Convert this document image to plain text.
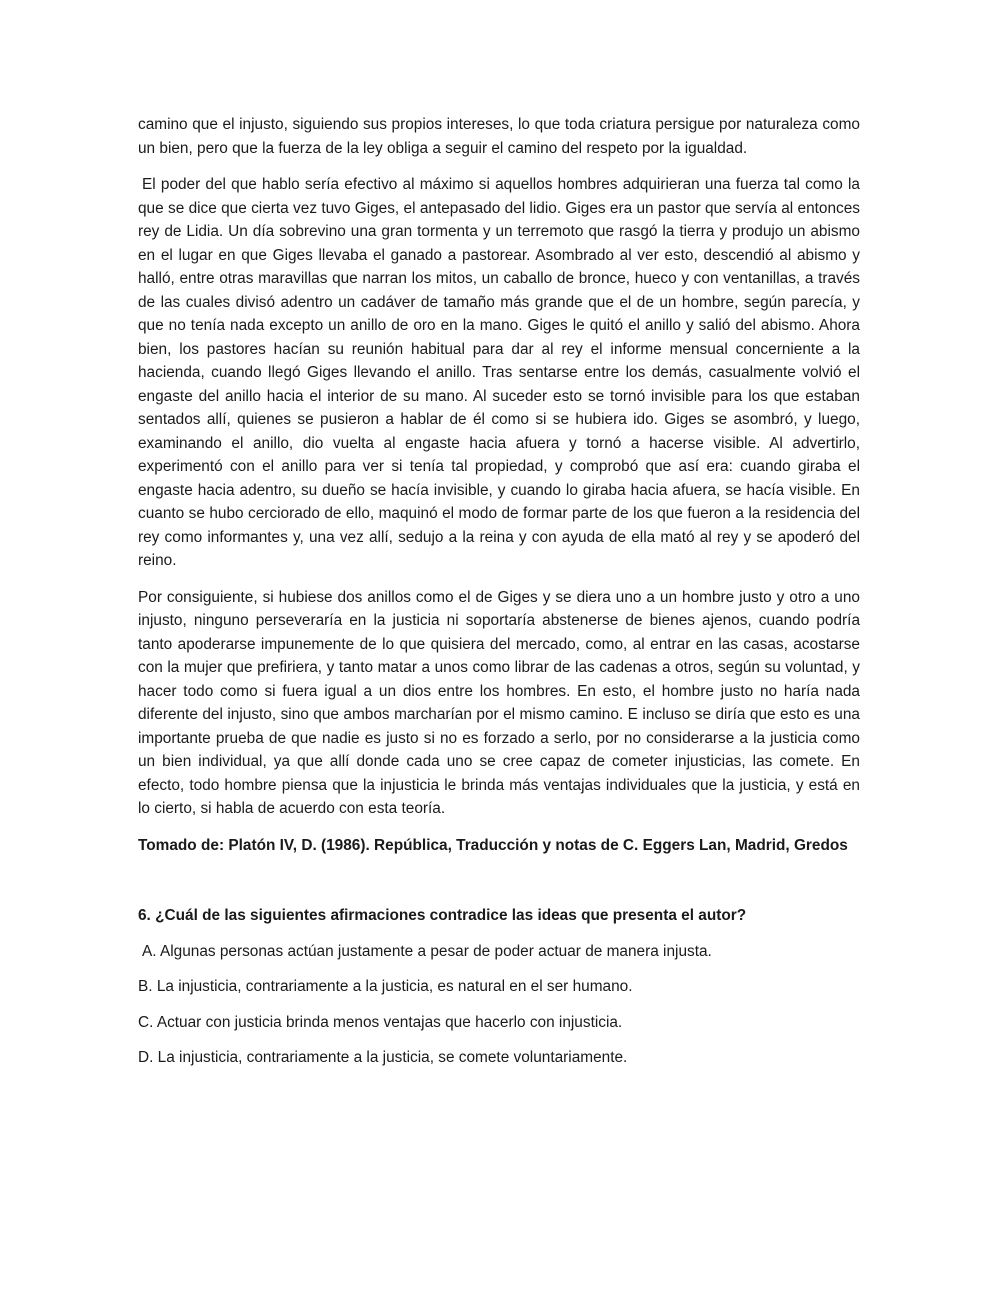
camino que el injusto, siguiendo sus propios intereses, lo que toda criatura persigue por naturaleza como un bien, pero que la fuerza de la ley obliga a seguir el camino del respeto por la igualdad.

El poder del que hablo sería efectivo al máximo si aquellos hombres adquirieran una fuerza tal como la que se dice que cierta vez tuvo Giges, el antepasado del lidio. Giges era un pastor que servía al entonces rey de Lidia. Un día sobrevino una gran tormenta y un terremoto que rasgó la tierra y produjo un abismo en el lugar en que Giges llevaba el ganado a pastorear. Asombrado al ver esto, descendió al abismo y halló, entre otras maravillas que narran los mitos, un caballo de bronce, hueco y con ventanillas, a través de las cuales divisó adentro un cadáver de tamaño más grande que el de un hombre, según parecía, y que no tenía nada excepto un anillo de oro en la mano. Giges le quitó el anillo y salió del abismo. Ahora bien, los pastores hacían su reunión habitual para dar al rey el informe mensual concerniente a la hacienda, cuando llegó Giges llevando el anillo. Tras sentarse entre los demás, casualmente volvió el engaste del anillo hacia el interior de su mano. Al suceder esto se tornó invisible para los que estaban sentados allí, quienes se pusieron a hablar de él como si se hubiera ido. Giges se asombró, y luego, examinando el anillo, dio vuelta al engaste hacia afuera y tornó a hacerse visible. Al advertirlo, experimentó con el anillo para ver si tenía tal propiedad, y comprobó que así era: cuando giraba el engaste hacia adentro, su dueño se hacía invisible, y cuando lo giraba hacia afuera, se hacía visible. En cuanto se hubo cerciorado de ello, maquinó el modo de formar parte de los que fueron a la residencia del rey como informantes y, una vez allí, sedujo a la reina y con ayuda de ella mató al rey y se apoderó del reino.

Por consiguiente, si hubiese dos anillos como el de Giges y se diera uno a un hombre justo y otro a uno injusto, ninguno perseveraría en la justicia ni soportaría abstenerse de bienes ajenos, cuando podría tanto apoderarse impunemente de lo que quisiera del mercado, como, al entrar en las casas, acostarse con la mujer que prefiriera, y tanto matar a unos como librar de las cadenas a otros, según su voluntad, y hacer todo como si fuera igual a un dios entre los hombres. En esto, el hombre justo no haría nada diferente del injusto, sino que ambos marcharían por el mismo camino. E incluso se diría que esto es una importante prueba de que nadie es justo si no es forzado a serlo, por no considerarse a la justicia como un bien individual, ya que allí donde cada uno se cree capaz de cometer injusticias, las comete. En efecto, todo hombre piensa que la injusticia le brinda más ventajas individuales que la justicia, y está en lo cierto, si habla de acuerdo con esta teoría.

Tomado de: Platón IV, D. (1986). República, Traducción y notas de C. Eggers Lan, Madrid, Gredos

6. ¿Cuál de las siguientes afirmaciones contradice las ideas que presenta el autor?

A. Algunas personas actúan justamente a pesar de poder actuar de manera injusta.

B. La injusticia, contrariamente a la justicia, es natural en el ser humano.

C. Actuar con justicia brinda menos ventajas que hacerlo con injusticia.

D. La injusticia, contrariamente a la justicia, se comete voluntariamente.
